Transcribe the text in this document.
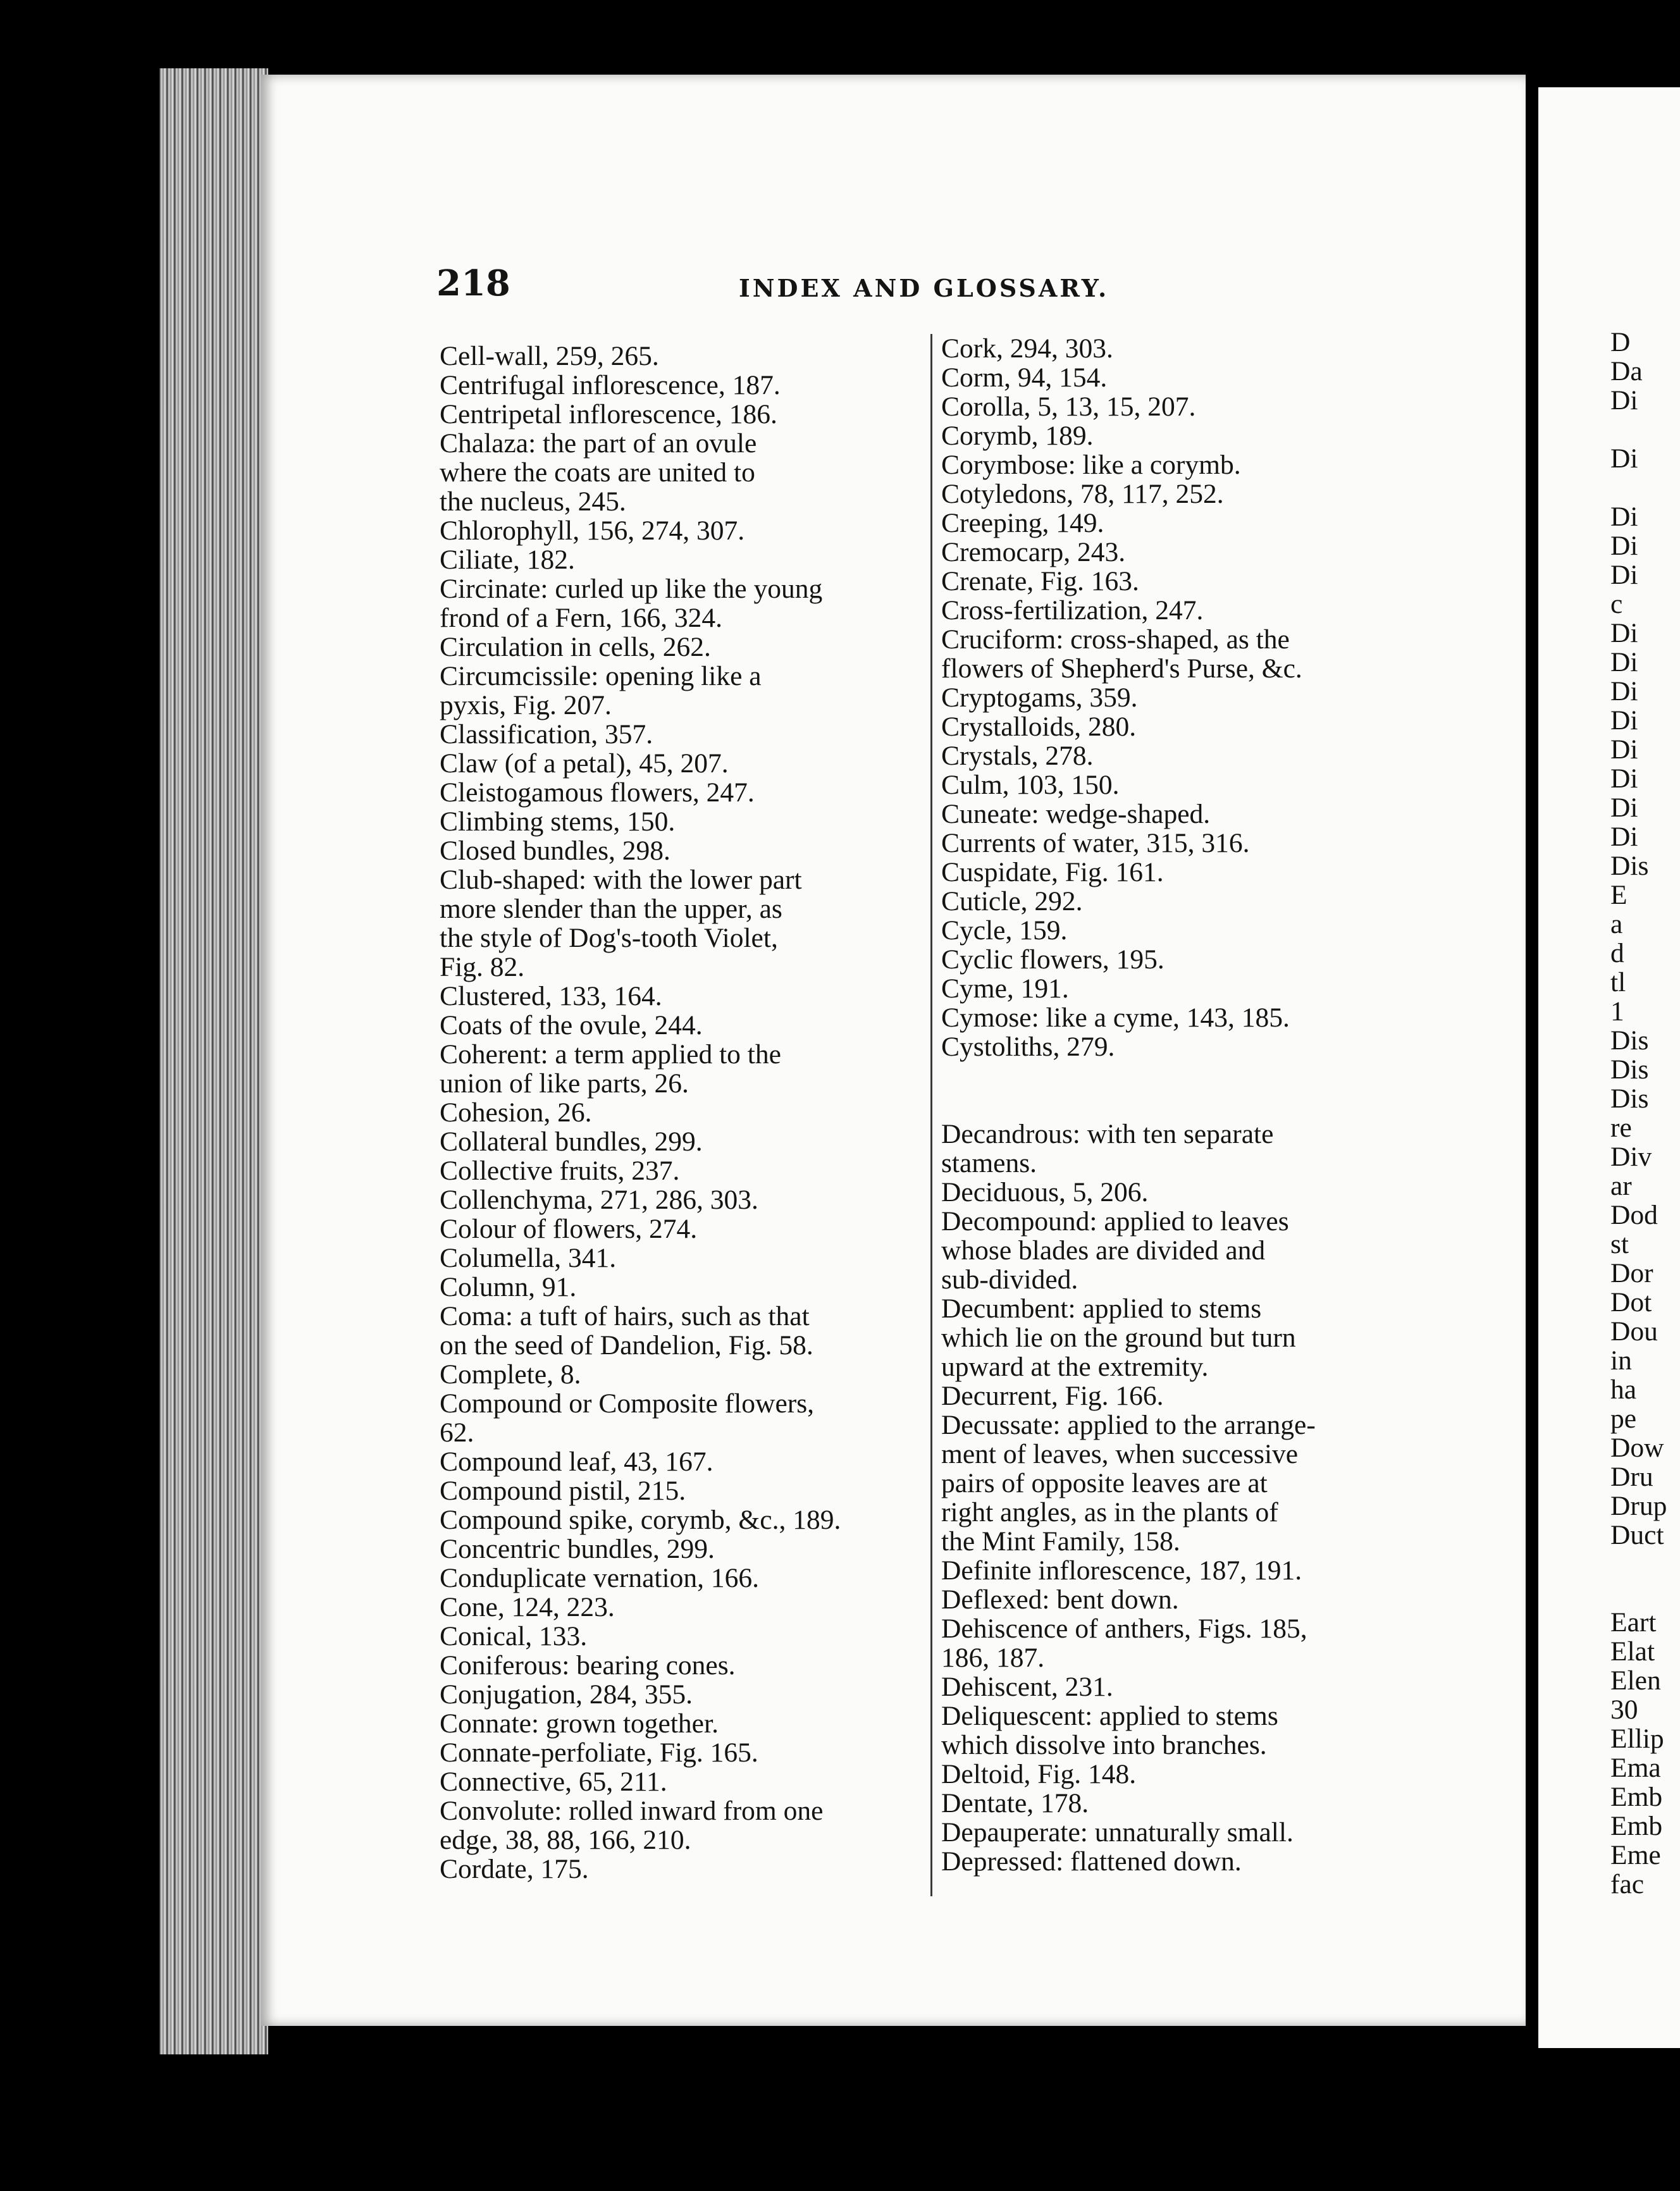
218	INDEX AND GLOSSARY.
Cell-wall, 259, 265.
Centrifugal inflorescence, 187.
Centripetal inflorescence, 186.
Chalaza: the part of an ovule
where the coats are united to
the nucleus, 245.
Chlorophyll, 156, 274, 307.
Ciliate, 182.
Circinate: curled up like the young
frond of a Fern, 166, 324.
Circulation in cells, 262.
Circumcissile: opening like a
pyxis, Fig. 207.
Classification, 357.
Claw (of a petal), 45, 207.
Cleistogamous flowers, 247.
Climbing stems, 150.
Closed bundles, 298.
Club-shaped: with the lower part
more slender than the upper, as
the style of Dog's-tooth Violet,
Fig. 82.
Clustered, 133, 164.
Coats of the ovule, 244.
Coherent: a term applied to the
union of like parts, 26.
Cohesion, 26.
Collateral bundles, 299.
Collective fruits, 237.
Collenchyma, 271, 286, 303.
Colour of flowers, 274.
Columella, 341.
Column, 91.
Coma: a tuft of hairs, such as that
on the seed of Dandelion, Fig. 58.
Complete, 8.
Compound or Composite flowers,
62.
Compound leaf, 43, 167.
Compound pistil, 215.
Compound spike, corymb, &c., 189.
Concentric bundles, 299.
Conduplicate vernation, 166.
Cone, 124, 223.
Conical, 133.
Coniferous: bearing cones.
Conjugation, 284, 355.
Connate: grown together.
Connate-perfoliate, Fig. 165.
Connective, 65, 211.
Convolute: rolled inward from one
edge, 38, 88, 166, 210.
Cordate, 175.
Cork, 294, 303.
Corm, 94, 154.
Corolla, 5, 13, 15, 207.
Corymb, 189.
Corymbose: like a corymb.
Cotyledons, 78, 117, 252.
Creeping, 149.
Cremocarp, 243.
Crenate, Fig. 163.
Cross-fertilization, 247.
Cruciform: cross-shaped, as the
flowers of Shepherd's Purse, &c.
Cryptogams, 359.
Crystalloids, 280.
Crystals, 278.
Culm, 103, 150.
Cuneate: wedge-shaped.
Currents of water, 315, 316.
Cuspidate, Fig. 161.
Cuticle, 292.
Cycle, 159.
Cyclic flowers, 195.
Cyme, 191.
Cymose: like a cyme, 143, 185.
Cystoliths, 279.
Decandrous: with ten separate
stamens.
Deciduous, 5, 206.
Decompound: applied to leaves
whose blades are divided and
sub-divided.
Decumbent: applied to stems
which lie on the ground but turn
upward at the extremity.
Decurrent, Fig. 166.
Decussate: applied to the arrange-
ment of leaves, when successive
pairs of opposite leaves are at
right angles, as in the plants of
the Mint Family, 158.
Definite inflorescence, 187, 191.
Deflexed: bent down.
Dehiscence of anthers, Figs. 185,
186, 187.
Dehiscent, 231.
Deliquescent: applied to stems
which dissolve into branches.
Deltoid, Fig. 148.
Dentate, 178.
Depauperate: unnaturally small.
Depressed: flattened down.
D
Da
Di

Di

Di
Di
Di
c
Di
Di
Di
Di
Di
Di
Di
Di
Dis
E
a
d
tl
1
Dis
Dis
Dis
re
Div
ar
Dod
st
Dor
Dot
Dou
in
ha
pe
Dow
Dru
Drup
Duct

Eart
Elat
Elen
30
Ellip
Ema
Emb
Emb
Eme
fac
